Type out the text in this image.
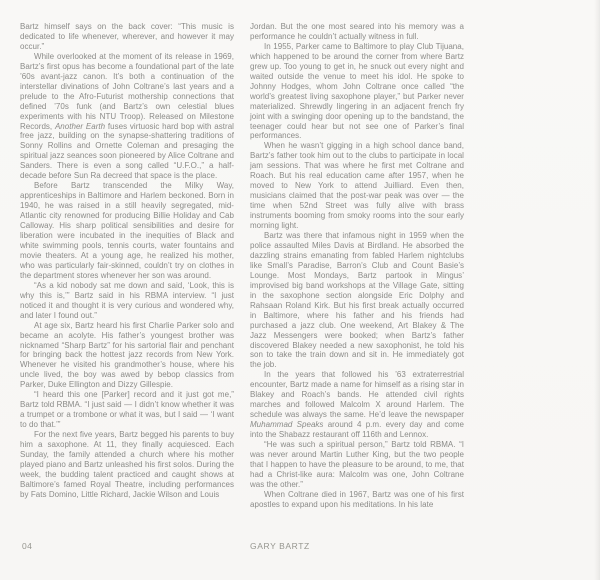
Bartz himself says on the back cover: “This music is dedicated to life whenever, wherever, and however it may occur.”

While overlooked at the moment of its release in 1969, Bartz’s first opus has become a foundational part of the late ’60s avant-jazz canon. It’s both a continuation of the interstellar divinations of John Coltrane’s last years and a prelude to the Afro-Futurist mothership connections that defined ’70s funk (and Bartz’s own celestial blues experiments with his NTU Troop). Released on Milestone Records, Another Earth fuses virtuosic hard bop with astral free jazz, building on the synapse-shattering traditions of Sonny Rollins and Ornette Coleman and presaging the spiritual jazz seances soon pioneered by Alice Coltrane and Sanders. There is even a song called “U.F.O.,” a half-decade before Sun Ra decreed that space is the place.

Before Bartz transcended the Milky Way, apprenticeships in Baltimore and Harlem beckoned. Born in 1940, he was raised in a still heavily segregated, mid-Atlantic city renowned for producing Billie Holiday and Cab Calloway. His sharp political sensibilities and desire for liberation were incubated in the inequities of Black and white swimming pools, tennis courts, water fountains and movie theaters. At a young age, he realized his mother, who was particularly fair-skinned, couldn’t try on clothes in the department stores whenever her son was around.

“As a kid nobody sat me down and said, ‘Look, this is why this is,’” Bartz said in his RBMA interview. “I just noticed it and thought it is very curious and wondered why, and later I found out.”

At age six, Bartz heard his first Charlie Parker solo and became an acolyte. His father’s youngest brother was nicknamed “Sharp Bartz” for his sartorial flair and penchant for bringing back the hottest jazz records from New York. Whenever he visited his grandmother’s house, where his uncle lived, the boy was awed by bebop classics from Parker, Duke Ellington and Dizzy Gillespie.

“I heard this one [Parker] record and it just got me,” Bartz told RBMA. “I just said — I didn’t know whether it was a trumpet or a trombone or what it was, but I said — ‘I want to do that.’”

For the next five years, Bartz begged his parents to buy him a saxophone. At 11, they finally acquiesced. Each Sunday, the family attended a church where his mother played piano and Bartz unleashed his first solos. During the week, the budding talent practiced and caught shows at Baltimore’s famed Royal Theatre, including performances by Fats Domino, Little Richard, Jackie Wilson and Louis

Jordan. But the one most seared into his memory was a performance he couldn’t actually witness in full.

In 1955, Parker came to Baltimore to play Club Tijuana, which happened to be around the corner from where Bartz grew up. Too young to get in, he snuck out every night and waited outside the venue to meet his idol. He spoke to Johnny Hodges, whom John Coltrane once called “the world’s greatest living saxophone player,” but Parker never materialized. Shrewdly lingering in an adjacent french fry joint with a swinging door opening up to the bandstand, the teenager could hear but not see one of Parker’s final performances.

When he wasn’t gigging in a high school dance band, Bartz’s father took him out to the clubs to participate in local jam sessions. That was where he first met Coltrane and Roach. But his real education came after 1957, when he moved to New York to attend Juilliard. Even then, musicians claimed that the post-war peak was over — the time when 52nd Street was fully alive with brass instruments booming from smoky rooms into the sour early morning light.

Bartz was there that infamous night in 1959 when the police assaulted Miles Davis at Birdland. He absorbed the dazzling strains emanating from fabled Harlem nightclubs like Small’s Paradise, Barron’s Club and Count Basie’s Lounge. Most Mondays, Bartz partook in Mingus’ improvised big band workshops at the Village Gate, sitting in the saxophone section alongside Eric Dolphy and Rahsaan Roland Kirk. But his first break actually occurred in Baltimore, where his father and his friends had purchased a jazz club. One weekend, Art Blakey & The Jazz Messengers were booked; when Bartz’s father discovered Blakey needed a new saxophonist, he told his son to take the train down and sit in. He immediately got the job.

In the years that followed his ’63 extraterrestrial encounter, Bartz made a name for himself as a rising star in Blakey and Roach’s bands. He attended civil rights marches and followed Malcolm X around Harlem. The schedule was always the same. He’d leave the newspaper Muhammad Speaks around 4 p.m. every day and come into the Shabazz restaurant off 116th and Lennox.

“He was such a spiritual person,” Bartz told RBMA. “I was never around Martin Luther King, but the two people that I happen to have the pleasure to be around, to me, that had a Christ-like aura: Malcolm was one, John Coltrane was the other.”

When Coltrane died in 1967, Bartz was one of his first apostles to expand upon his meditations. In his late

04	GARY BARTZ
